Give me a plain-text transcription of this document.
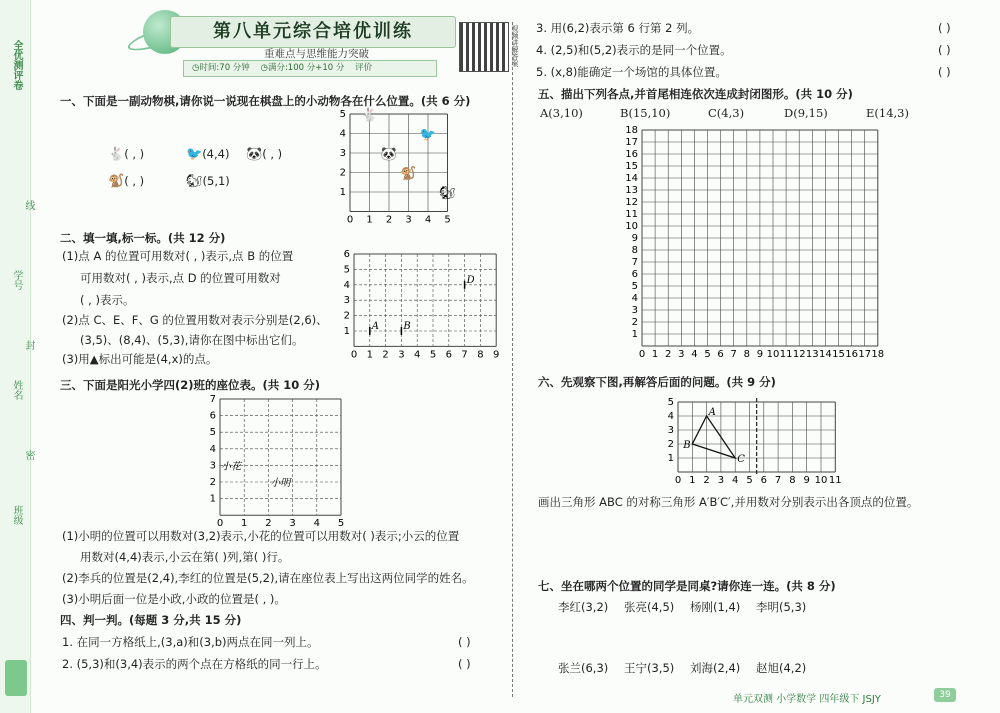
全优测评卷
学号
姓名
班级
线
封
密
第八单元综合培优训练
重难点与思维能力突破
◷时间:70 分钟 ◷满分:100 分+10 分 评价
视频讲解答案
一、下面是一副动物棋,请你说一说现在棋盘上的小动物各在什么位置。(共 6 分)
🐇( , )	🐦(4,4) 🐼( , )
🐒( , )	🐿(5,1)
0 1 2 3 4 5
1
2
3
4
5 🐇
🐼
🐦
🐒
🐿
二、填一填,标一标。(共 12 分)
(1)点 A 的位置可用数对( , )表示,点 B 的位置
可用数对( , )表示,点 D 的位置可用数对
( , )表示。
(2)点 C、E、F、G 的位置用数对表示分别是(2,6)、
(3,5)、(8,4)、(5,3),请你在图中标出它们。
(3)用▲标出可能是(4,x)的点。	0 1 2 3 4 5 6 7 8 9
1
2
3
4
5
6
A B
D
三、下面是阳光小学四(2)班的座位表。(共 10 分)
0 1 2 3 4 5
1
2
3
4
5
6
7
小花
小明
(1)小明的位置可以用数对(3,2)表示,小花的位置可以用数对( )表示;小云的位置
用数对(4,4)表示,小云在第( )列,第( )行。
(2)李兵的位置是(2,4),李红的位置是(5,2),请在座位表上写出这两位同学的姓名。
(3)小明后面一位是小政,小政的位置是( , )。
四、判一判。(每题 3 分,共 15 分)
1. 在同一方格纸上,(3,a)和(3,b)两点在同一列上。	( )
2. (5,3)和(3,4)表示的两个点在方格纸的同一行上。	( )
3. 用(6,2)表示第 6 行第 2 列。	( )
4. (2,5)和(5,2)表示的是同一个位置。	( )
5. (x,8)能确定一个场馆的具体位置。	( )
五、描出下列各点,并首尾相连依次连成封闭图形。(共 10 分)
A(3,10)	B(15,10)	C(4,3)	D(9,15)	E(14,3)
0 1 2 3 4 5 6 7 8 9 10 11 12 13 14 15 16 17 18
1
2
3
4
5
6
7
8
9
10
11
12
13
14
15
16
17
18
六、先观察下图,再解答后面的问题。(共 9 分)
0 1 2 3 4 5 6 7 8 9 10 11
1
2
3
4
5
A
B
C
画出三角形 ABC 的对称三角形 A′B′C′,并用数对分别表示出各顶点的位置。
七、坐在哪两个位置的同学是同桌?请你连一连。(共 8 分)
李红(3,2) 张亮(4,5) 杨刚(1,4) 李明(5,3)
张兰(6,3) 王宁(3,5) 刘海(2,4) 赵旭(4,2)
单元双测 小学数学 四年级下 JSJY	39
